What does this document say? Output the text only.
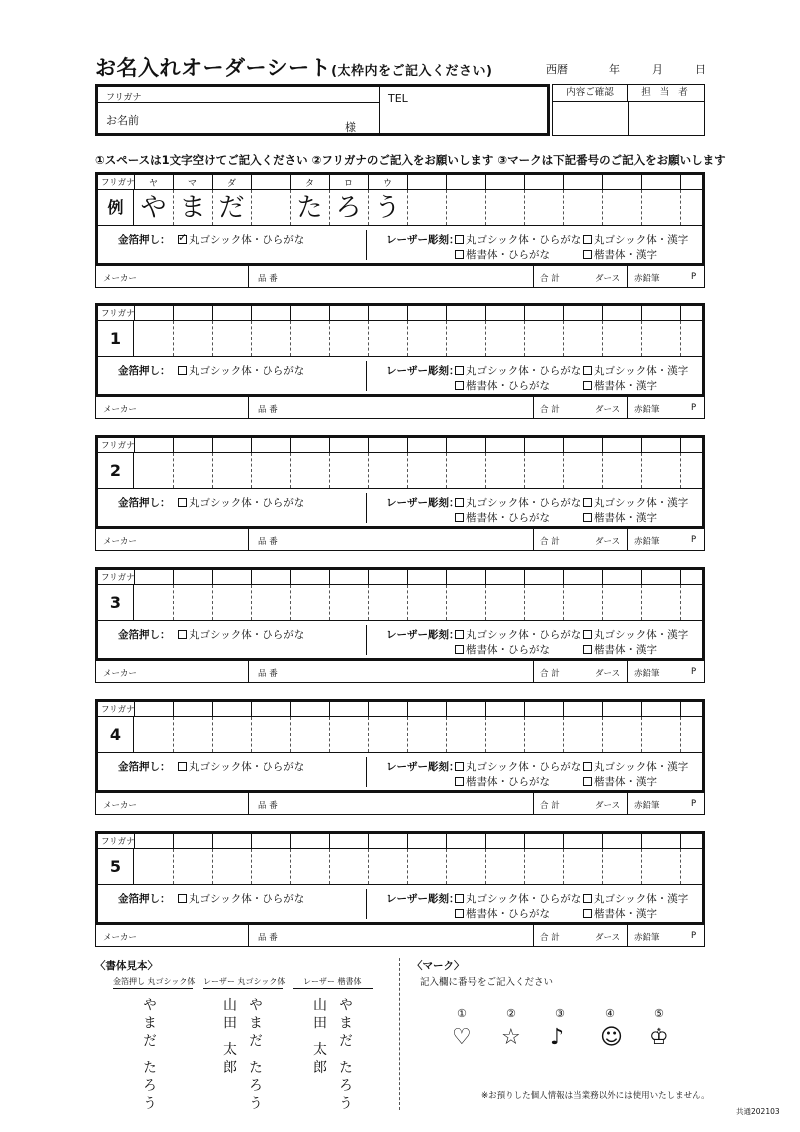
お名入れオーダーシート(太枠内をご記入ください)	西暦	年	月	日
フリガナ
お名前
様
TEL	内容ご確認	担 当 者
①スペースは1文字空けてご記入ください ②フリガナのご記入をお願いします ③マークは下記番号のご記入をお願いします
フリガナ	ヤ	マ	ダ	タ	ロ	ウ
例 や ま だ た ろ う
金箔押し：
✓	丸ゴシック体・ひらがな	レーザー彫刻： 丸ゴシック体・ひらがな	丸ゴシック体・漢字
楷書体・ひらがな	楷書体・漢字
メーカー	品 番	合 計	ダース 赤鉛筆	P
フリガナ
1
金箔押し：	丸ゴシック体・ひらがな	レーザー彫刻： 丸ゴシック体・ひらがな	丸ゴシック体・漢字
楷書体・ひらがな	楷書体・漢字
メーカー	品 番	合 計	ダース 赤鉛筆	P
フリガナ
2
金箔押し：	丸ゴシック体・ひらがな	レーザー彫刻： 丸ゴシック体・ひらがな	丸ゴシック体・漢字
楷書体・ひらがな	楷書体・漢字
メーカー	品 番	合 計	ダース 赤鉛筆	P
フリガナ
3
金箔押し：	丸ゴシック体・ひらがな	レーザー彫刻： 丸ゴシック体・ひらがな	丸ゴシック体・漢字
楷書体・ひらがな	楷書体・漢字
メーカー	品 番	合 計	ダース 赤鉛筆	P
フリガナ
4
金箔押し：	丸ゴシック体・ひらがな	レーザー彫刻： 丸ゴシック体・ひらがな	丸ゴシック体・漢字
楷書体・ひらがな	楷書体・漢字
メーカー	品 番	合 計	ダース 赤鉛筆	P
フリガナ
5
金箔押し：	丸ゴシック体・ひらがな	レーザー彫刻： 丸ゴシック体・ひらがな	丸ゴシック体・漢字
楷書体・ひらがな	楷書体・漢字
メーカー	品 番	合 計	ダース 赤鉛筆	P
〈書体見本〉
金箔押し 丸ゴシック体 レーザー 丸ゴシック体 レーザー 楷書体
やまだ たろう	山田 太郎 やまだ たろう	山田 太郎 やまだ たろう
〈マーク〉
記入欄に番号をご記入ください
①
♡
②
☆
③
♪
④
☺
⑤
♔
※お預りした個人情報は当業務以外には使用いたしません。
共通202103
